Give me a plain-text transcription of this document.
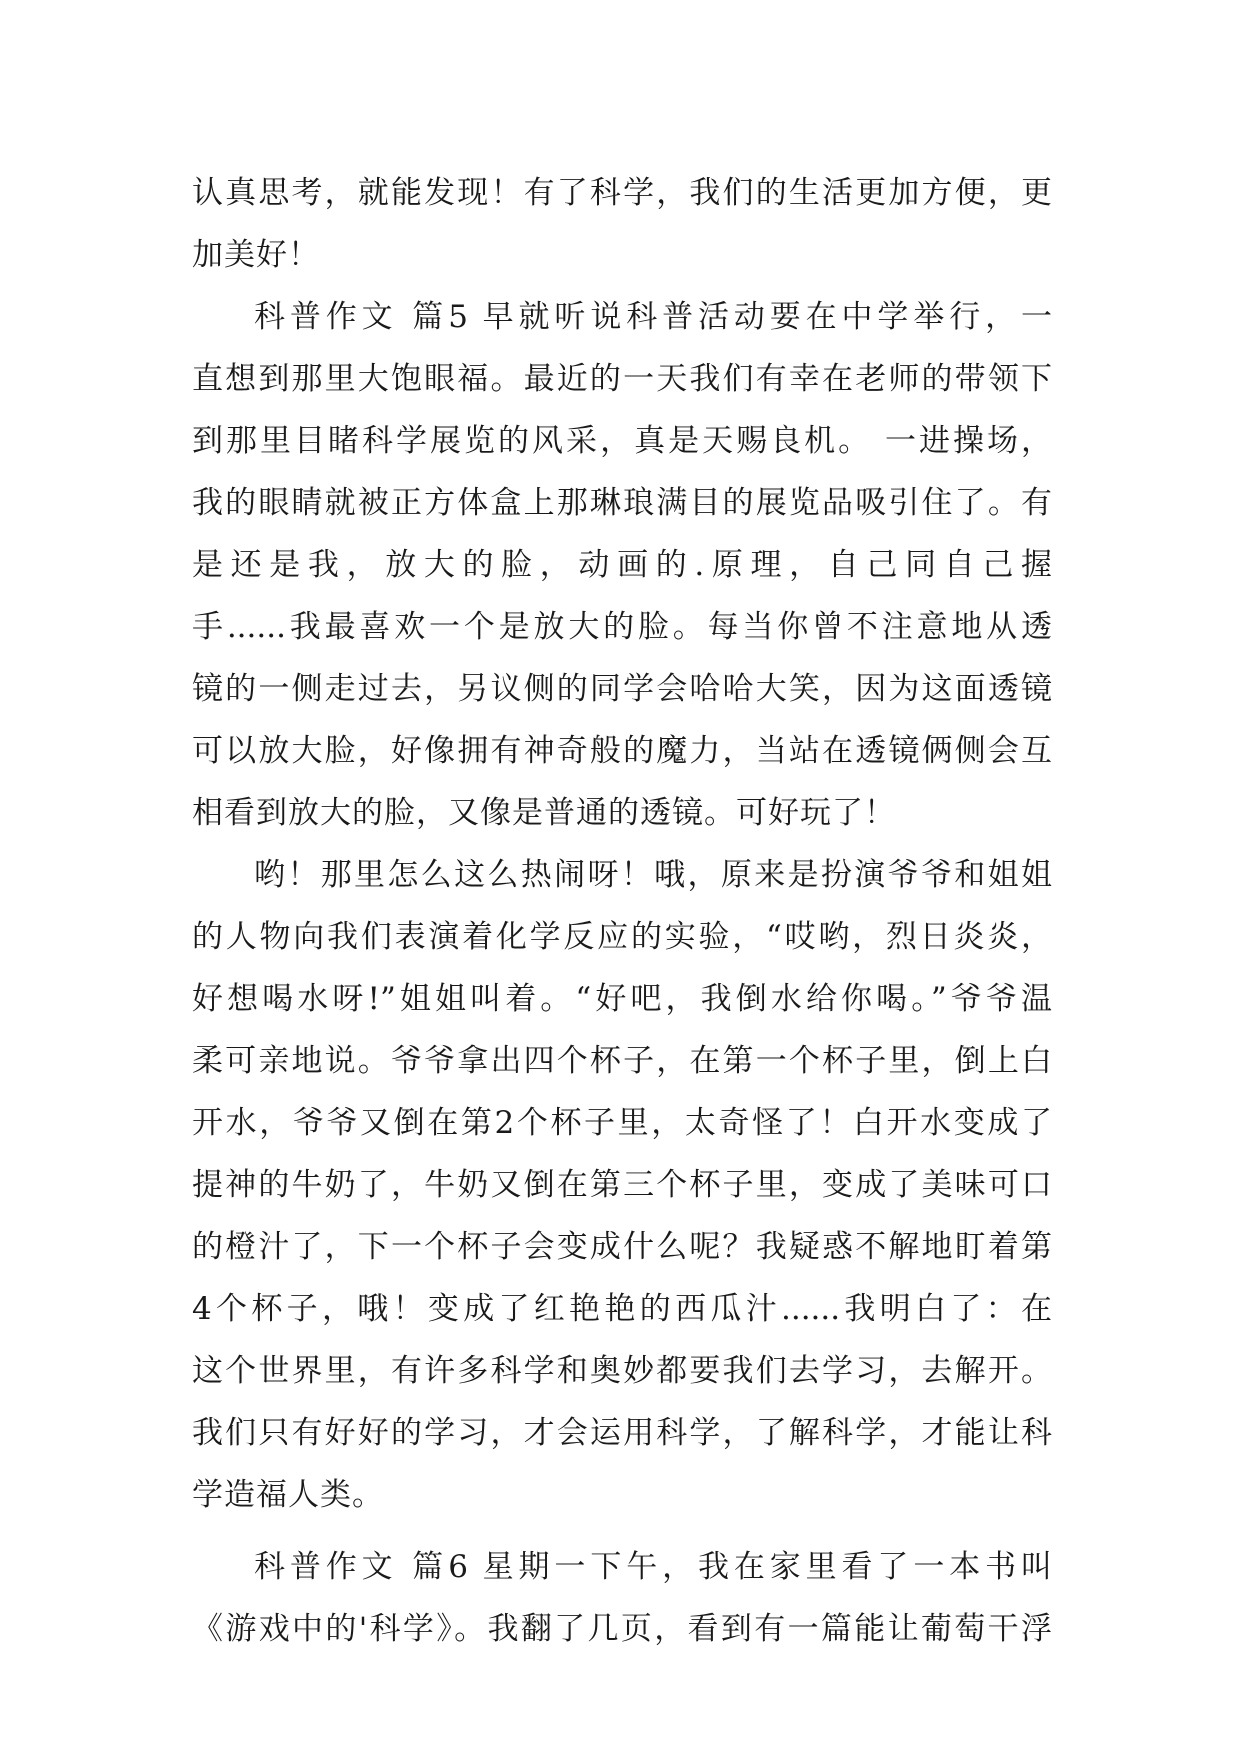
认真思考，就能发现！有了科学，我们的生活更加方便，更
加美好！
科普作文 篇5 早就听说科普活动要在中学举行，一
直想到那里大饱眼福。最近的一天我们有幸在老师的带领下
到那里目睹科学展览的风采，真是天赐良机。 一进操场，
我的眼睛就被正方体盒上那琳琅满目的展览品吸引住了。有
是还是我，放大的脸，动画的.原理，自己同自己握
手......我最喜欢一个是放大的脸。每当你曾不注意地从透
镜的一侧走过去，另议侧的同学会哈哈大笑，因为这面透镜
可以放大脸，好像拥有神奇般的魔力，当站在透镜俩侧会互
相看到放大的脸，又像是普通的透镜。可好玩了！
哟！那里怎么这么热闹呀！哦，原来是扮演爷爷和姐姐
的人物向我们表演着化学反应的实验，“哎哟，烈日炎炎，
好想喝水呀!”姐姐叫着。“好吧，我倒水给你喝。”爷爷温
柔可亲地说。爷爷拿出四个杯子，在第一个杯子里，倒上白
开水，爷爷又倒在第2个杯子里，太奇怪了！白开水变成了
提神的牛奶了，牛奶又倒在第三个杯子里，变成了美味可口
的橙汁了，下一个杯子会变成什么呢？我疑惑不解地盯着第
4个杯子，哦！变成了红艳艳的西瓜汁......我明白了：在
这个世界里，有许多科学和奥妙都要我们去学习，去解开。
我们只有好好的学习，才会运用科学，了解科学，才能让科
学造福人类。
科普作文 篇6 星期一下午，我在家里看了一本书叫
《游戏中的'科学》。我翻了几页，看到有一篇能让葡萄干浮
